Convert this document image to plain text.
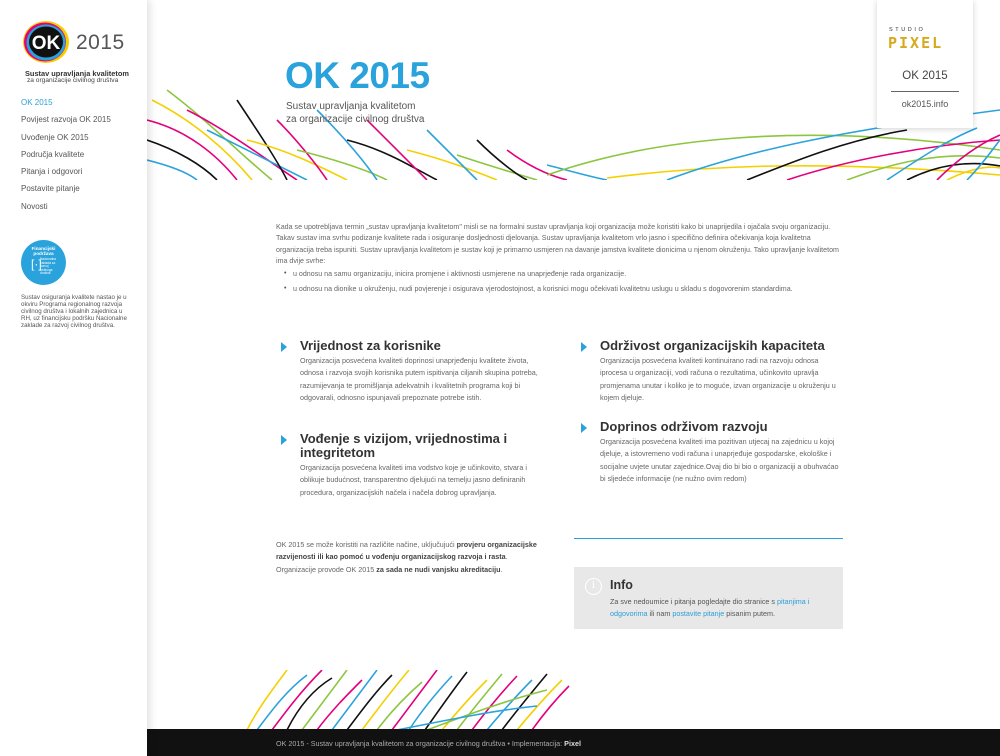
OK 2015
Sustav upravljanja kvalitetom
za organizacije civilnog društva
OK 2015
Povijest razvoja OK 2015
Uvođenje OK 2015
Područja kvalitete
Pitanja i odgovori
Postavite pitanje
Novosti
Financijski podržava
[·]
Nacionalna zaklada za razvoj civilnoga društva
Sustav osiguranja kvalitete nastao je u okviru Programa regionalnog razvoja civilnog društva i lokalnih zajednica u RH, uz financijsku podršku Nacionalne zaklade za razvoj civilnog društva.
OK 2015
Sustav upravljanja kvalitetom
za organizacije civilnog društva
STUDIO
PIXEL
OK 2015
ok2015.info
Kada se upotrebljava termin „sustav upravljanja kvalitetom" misli se na formalni sustav upravljanja koji organizacija može koristiti kako bi unaprijedila i ojačala svoju organizaciju. Takav sustav ima svrhu podizanje kvalitete rada i osiguranje dosljednosti djelovanja. Sustav upravljanja kvalitetom vrlo jasno i specifično definira očekivanja koja kvalitetna organizacija treba ispuniti. Sustav upravljanja kvalitetom je sustav koji je primarno usmjeren na davanje jamstva kvalitete dionicima u njenom okruženju. Tako upravljanje kvalitetom ima dvije svrhe:
• u odnosu na samu organizaciju, inicira promjene i aktivnosti usmjerene na unaprjeđenje rada organizacije.
• u odnosu na dionike u okruženju, nudi povjerenje i osigurava vjerodostojnost, a korisnici mogu očekivati kvalitetnu uslugu u skladu s dogovorenim standardima.
Vrijednost za korisnike
Organizacija posvećena kvaliteti doprinosi unaprjeđenju kvalitete života, odnosa i razvoja svojih korisnika putem ispitivanja ciljanih skupina potreba, razumijevanja te promišljanja adekvatnih i kvalitetnih programa koji bi odgovarali, odnosno ispunjavali prepoznate potrebe istih.
Vođenje s vizijom, vrijednostima i integritetom
Organizacija posvećena kvaliteti ima vodstvo koje je učinkovito, stvara i oblikuje budućnost, transparentno djelujući na temelju jasno definiranih procedura, organizacijskih načela i načela dobrog upravljanja.
Održivost organizacijskih kapaciteta
Organizacija posvećena kvaliteti kontinuirano radi na razvoju odnosa iprocesa u organizaciji, vodi računa o rezultatima, učinkovito upravlja promjenama unutar i koliko je to moguće, izvan organizacije u okruženju u kojem djeluje.
Doprinos održivom razvoju
Organizacija posvećena kvaliteti ima pozitivan utjecaj na zajednicu u kojoj djeluje, a istovremeno vodi računa i unaprjeđuje gospodarske, ekološke i socijalne uvjete unutar zajednice.Ovaj dio bi bio o organizaciji a obuhvaćao bi sljedeće informacije (ne nužno ovim redom)
OK 2015 se može koristiti na različite načine, uključujući provjeru organizacijske razvijenosti ili kao pomoć u vođenju organizacijskog razvoja i rasta. Organizacije provode OK 2015 za sada ne nudi vanjsku akreditaciju.
i	Info
Za sve nedoumice i pitanja pogledajte dio stranice s pitanjima i odgovorima ili nam postavite pitanje pisanim putem.
OK 2015 - Sustav upravljanja kvalitetom za organizacije civilnog društva • Implementacija: Pixel
